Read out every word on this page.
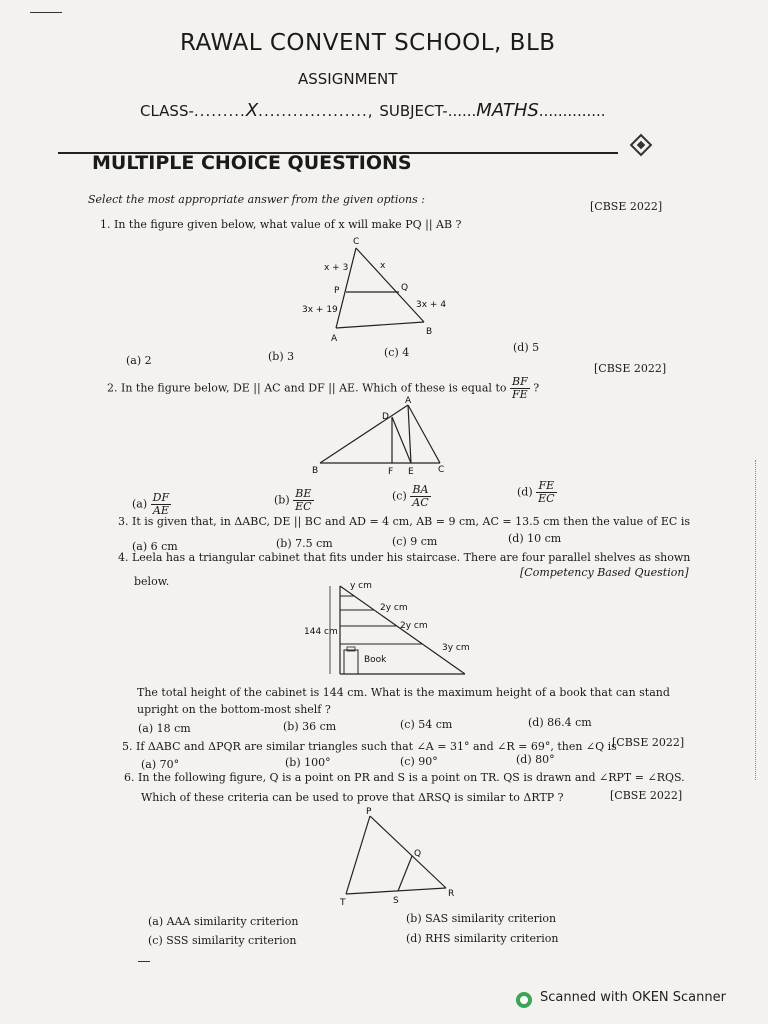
RAWAL CONVENT SCHOOL, BLB
ASSIGNMENT
CLASS-.........X..................., SUBJECT-......MATHS..............
MULTIPLE CHOICE QUESTIONS
Select the most appropriate answer from the given options :
1. In the figure given below, what value of x will make PQ || AB ?
[CBSE 2022]
C
x + 3	x
P	Q
3x + 19	3x + 4
A
B
(a) 2	(b) 3	(c) 4	(d) 5
2. In the figure below, DE || AC and DF || AE. Which of these is equal to $\frac{BF}{FE}$ ?
[CBSE 2022]
A
D
B	F E	C
$(a) \frac{DF}{AE}$	$(b) \frac{BE}{EC}$	$(c) \frac{BA}{AC}$	$(d) \frac{FE}{EC}$
3. It is given that, in ΔABC, DE || BC and AD = 4 cm, AB = 9 cm, AC = 13.5 cm then the value of EC is
(a) 6 cm	(b) 7.5 cm	(c) 9 cm	(d) 10 cm
4. Leela has a triangular cabinet that fits under his staircase. There are four parallel shelves as shown
below.
[Competency Based Question]
y cm
2y cm
2y cm
3y cm
144 cm
Book
The total height of the cabinet is 144 cm. What is the maximum height of a book that can stand
upright on the bottom-most shelf ?
(a) 18 cm	(b) 36 cm	(c) 54 cm	(d) 86.4 cm
5. If ΔABC and ΔPQR are similar triangles such that ∠A = 31° and ∠R = 69°, then ∠Q is
[CBSE 2022]
(a) 70°	(b) 100°	(c) 90°	(d) 80°
6. In the following figure, Q is a point on PR and S is a point on TR. QS is drawn and ∠RPT = ∠RQS.
Which of these criteria can be used to prove that ΔRSQ is similar to ΔRTP ?	[CBSE 2022]
P
Q
R
T	S
(a) AAA similarity criterion	(b) SAS similarity criterion
(c) SSS similarity criterion	(d) RHS similarity criterion
Scanned with OKEN Scanner
